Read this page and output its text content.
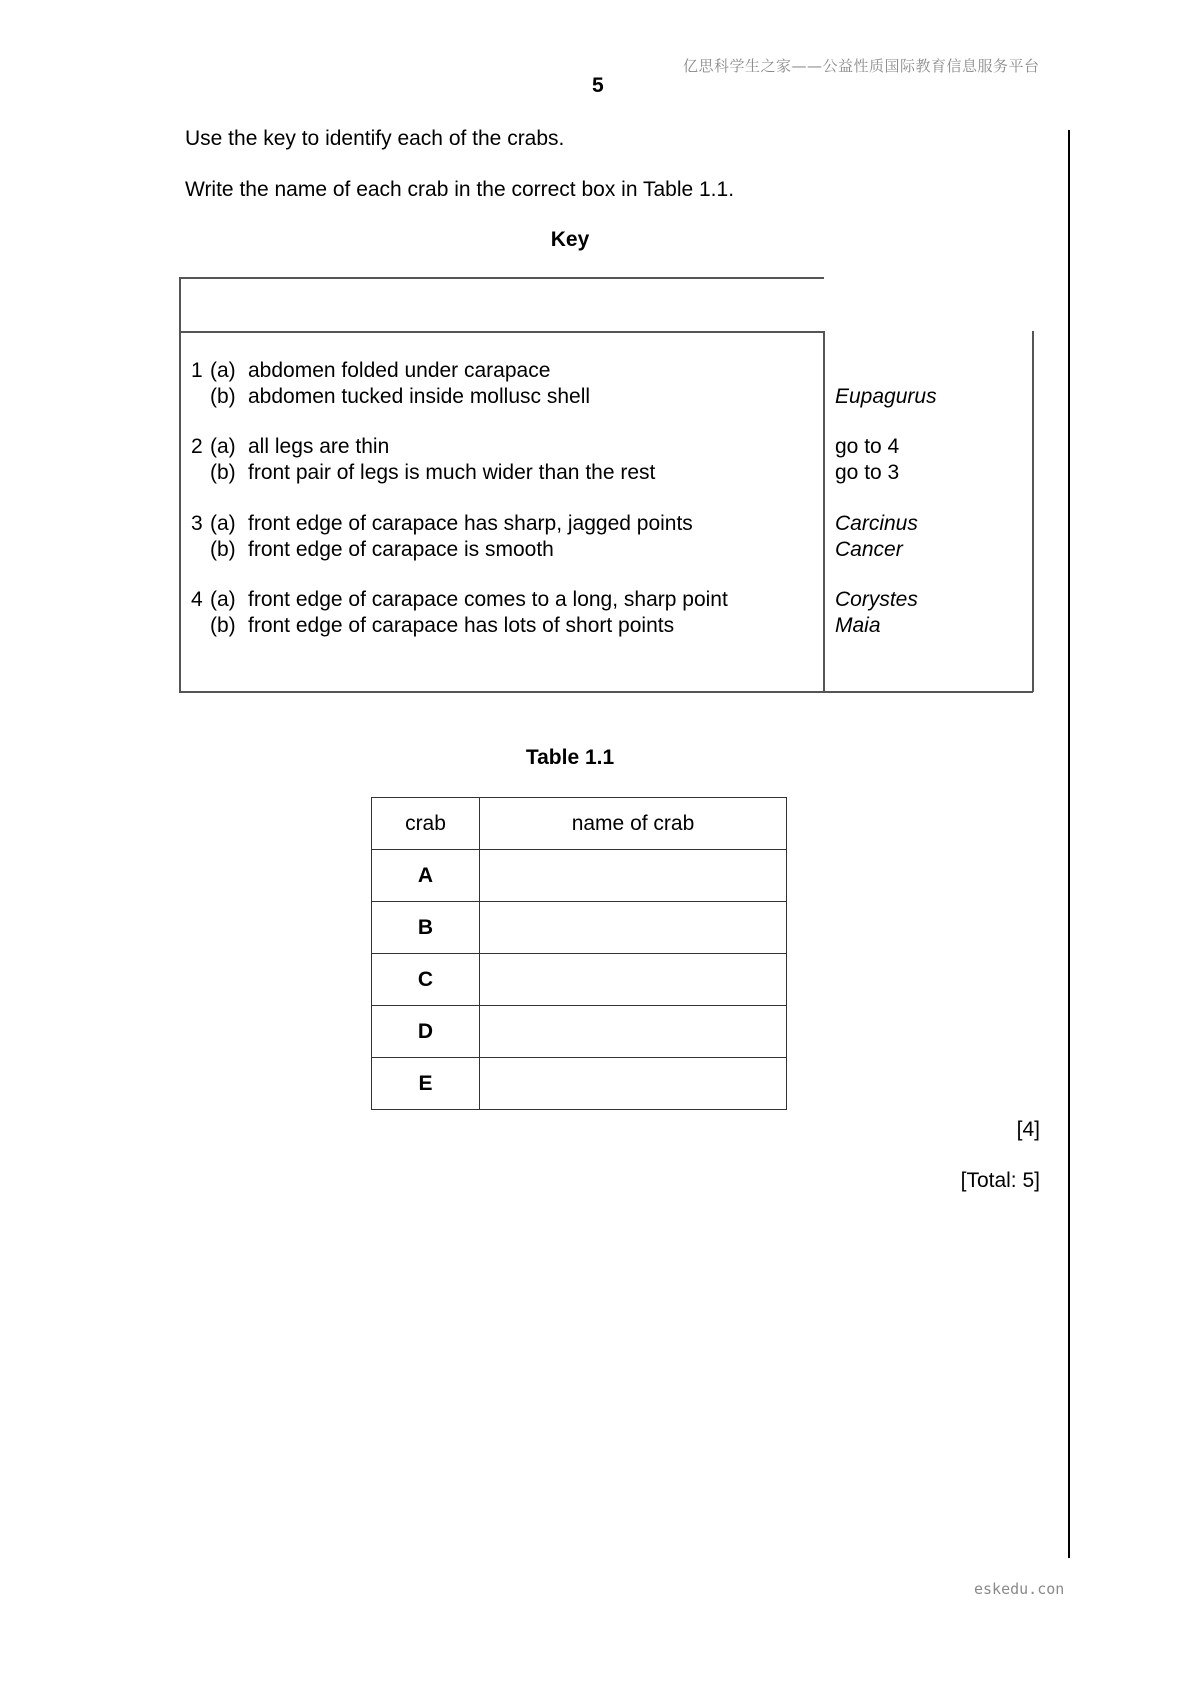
亿思科学生之家——公益性质国际教育信息服务平台
5
Use the key to identify each of the crabs.
Write the name of each crab in the correct box in Table 1.1.
Key
1 (a) abdomen folded under carapace
(b) abdomen tucked inside mollusc shell	Eupagurus
2 (a) all legs are thin	go to 4
(b) front pair of legs is much wider than the rest	go to 3
3 (a) front edge of carapace has sharp, jagged points	Carcinus
(b) front edge of carapace is smooth	Cancer
4 (a) front edge of carapace comes to a long, sharp point	Corystes
(b) front edge of carapace has lots of short points	Maia
Table 1.1
crab	name of crab
A	
B	
C	
D	
E	
[4]
[Total: 5]
eskedu.con
